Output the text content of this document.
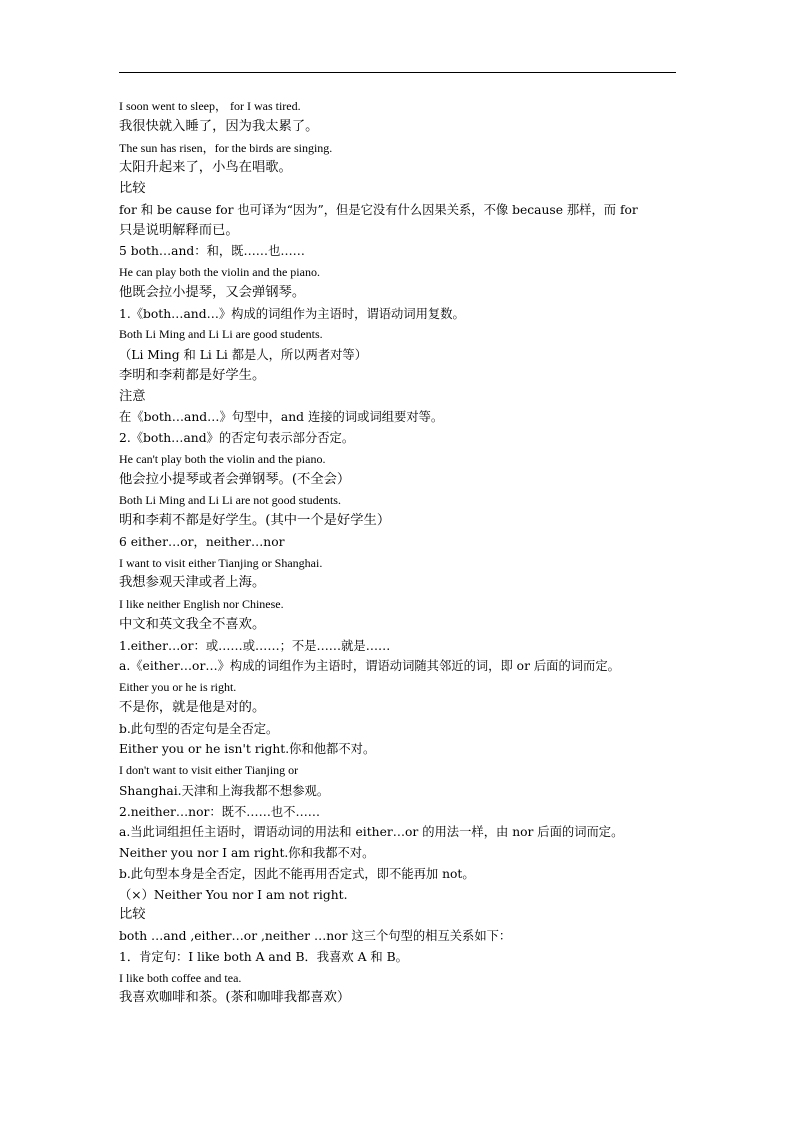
I soon went to sleep， for I was tired.
我很快就入睡了，因为我太累了。
The sun has risen，for the birds are singing.
太阳升起来了，小鸟在唱歌。
比较
for 和 be cause for 也可译为“因为”，但是它没有什么因果关系，不像 because 那样，而 for
只是说明解释而已。
5 both…and：和，既……也……
He can play both the violin and the piano.
他既会拉小提琴，又会弹钢琴。
1.《both…and…》构成的词组作为主语时，谓语动词用复数。
Both Li Ming and Li Li are good students.
（Li Ming 和 Li Li 都是人，所以两者对等）
李明和李莉都是好学生。
注意
在《both…and…》句型中，and 连接的词或词组要对等。
2.《both…and》的否定句表示部分否定。
He can't play both the violin and the piano.
他会拉小提琴或者会弹钢琴。(不全会）
Both Li Ming and Li Li are not good students.
明和李莉不都是好学生。(其中一个是好学生）
6 either…or，neither…nor
I want to visit either Tianjing or Shanghai.
我想参观天津或者上海。
I like neither English nor Chinese.
中文和英文我全不喜欢。
1.either…or：或……或……；不是……就是……
a.《either…or…》构成的词组作为主语时，谓语动词随其邻近的词，即 or 后面的词而定。
Either you or he is right.
不是你，就是他是对的。
b.此句型的否定句是全否定。
Either you or he isn't right.你和他都不对。
I don't want to visit either Tianjing or
Shanghai.天津和上海我都不想参观。
2.neither…nor：既不……也不……
a.当此词组担任主语时，谓语动词的用法和 either…or 的用法一样，由 nor 后面的词而定。
Neither you nor I am right.你和我都不对。
b.此句型本身是全否定，因此不能再用否定式，即不能再加 not。
（×）Neither You nor I am not right.
比较
both …and ,either…or ,neither …nor 这三个句型的相互关系如下：
1．肯定句：I like both A and B．我喜欢 A 和 B。
I like both coffee and tea.
我喜欢咖啡和茶。(茶和咖啡我都喜欢）
